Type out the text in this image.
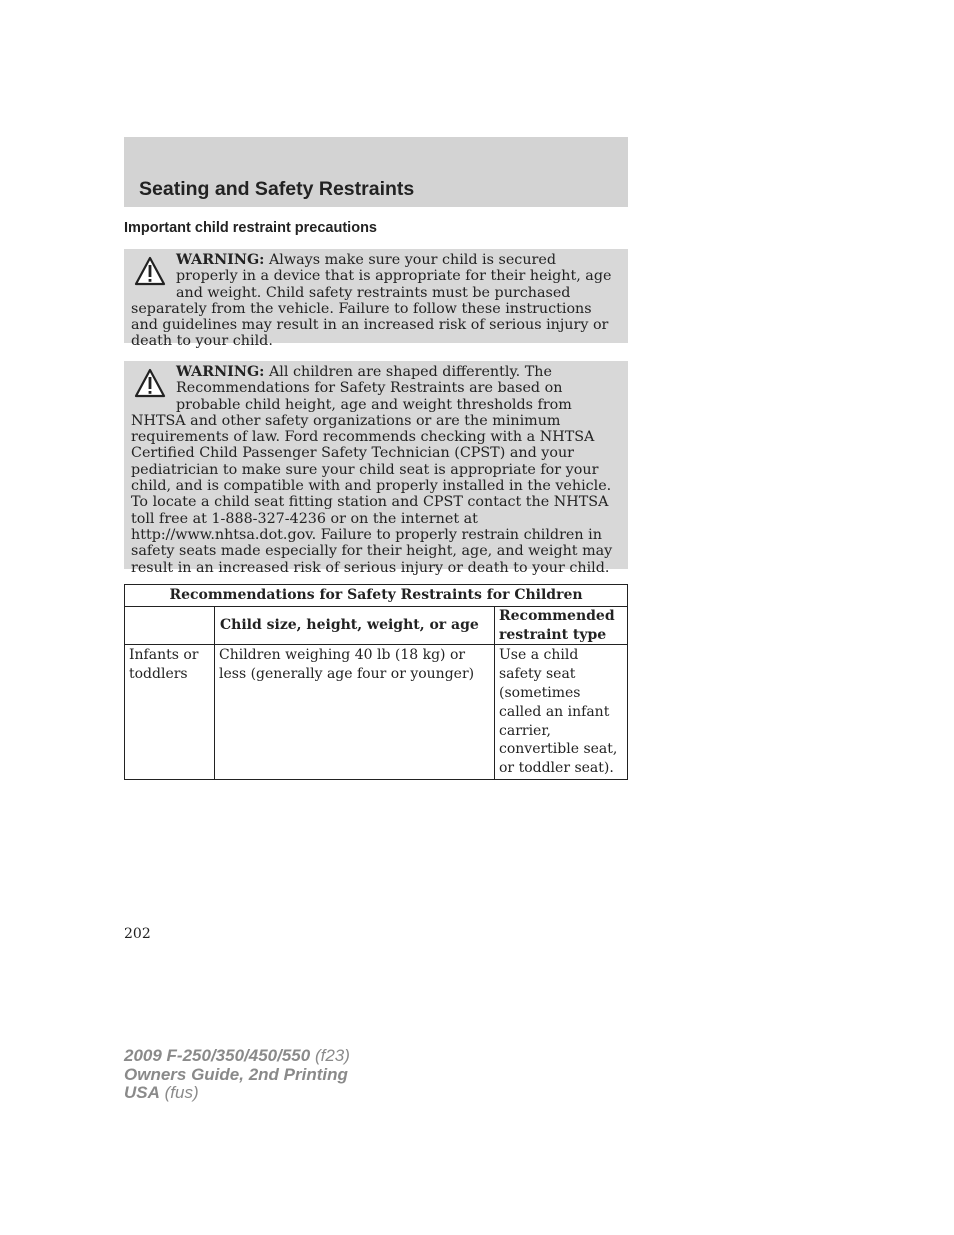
Seating and Safety Restraints
Important child restraint precautions
WARNING: Always make sure your child is secured properly in a device that is appropriate for their height, age and weight. Child safety restraints must be purchased separately from the vehicle. Failure to follow these instructions and guidelines may result in an increased risk of serious injury or death to your child.
WARNING: All children are shaped differently. The Recommendations for Safety Restraints are based on probable child height, age and weight thresholds from NHTSA and other safety organizations or are the minimum requirements of law. Ford recommends checking with a NHTSA Certified Child Passenger Safety Technician (CPST) and your pediatrician to make sure your child seat is appropriate for your child, and is compatible with and properly installed in the vehicle. To locate a child seat fitting station and CPST contact the NHTSA toll free at 1-888-327-4236 or on the internet at http://www.nhtsa.dot.gov. Failure to properly restrain children in safety seats made especially for their height, age, and weight may result in an increased risk of serious injury or death to your child.
Recommendations for Safety Restraints for Children		
	Child size, height, weight, or age	Recommended restraint type
Infants or toddlers	Children weighing 40 lb (18 kg) or less (generally age four or younger)	Use a child safety seat (sometimes called an infant carrier, convertible seat, or toddler seat).

202

2009 F-250/350/450/550 (f23)
Owners Guide, 2nd Printing
USA (fus)
